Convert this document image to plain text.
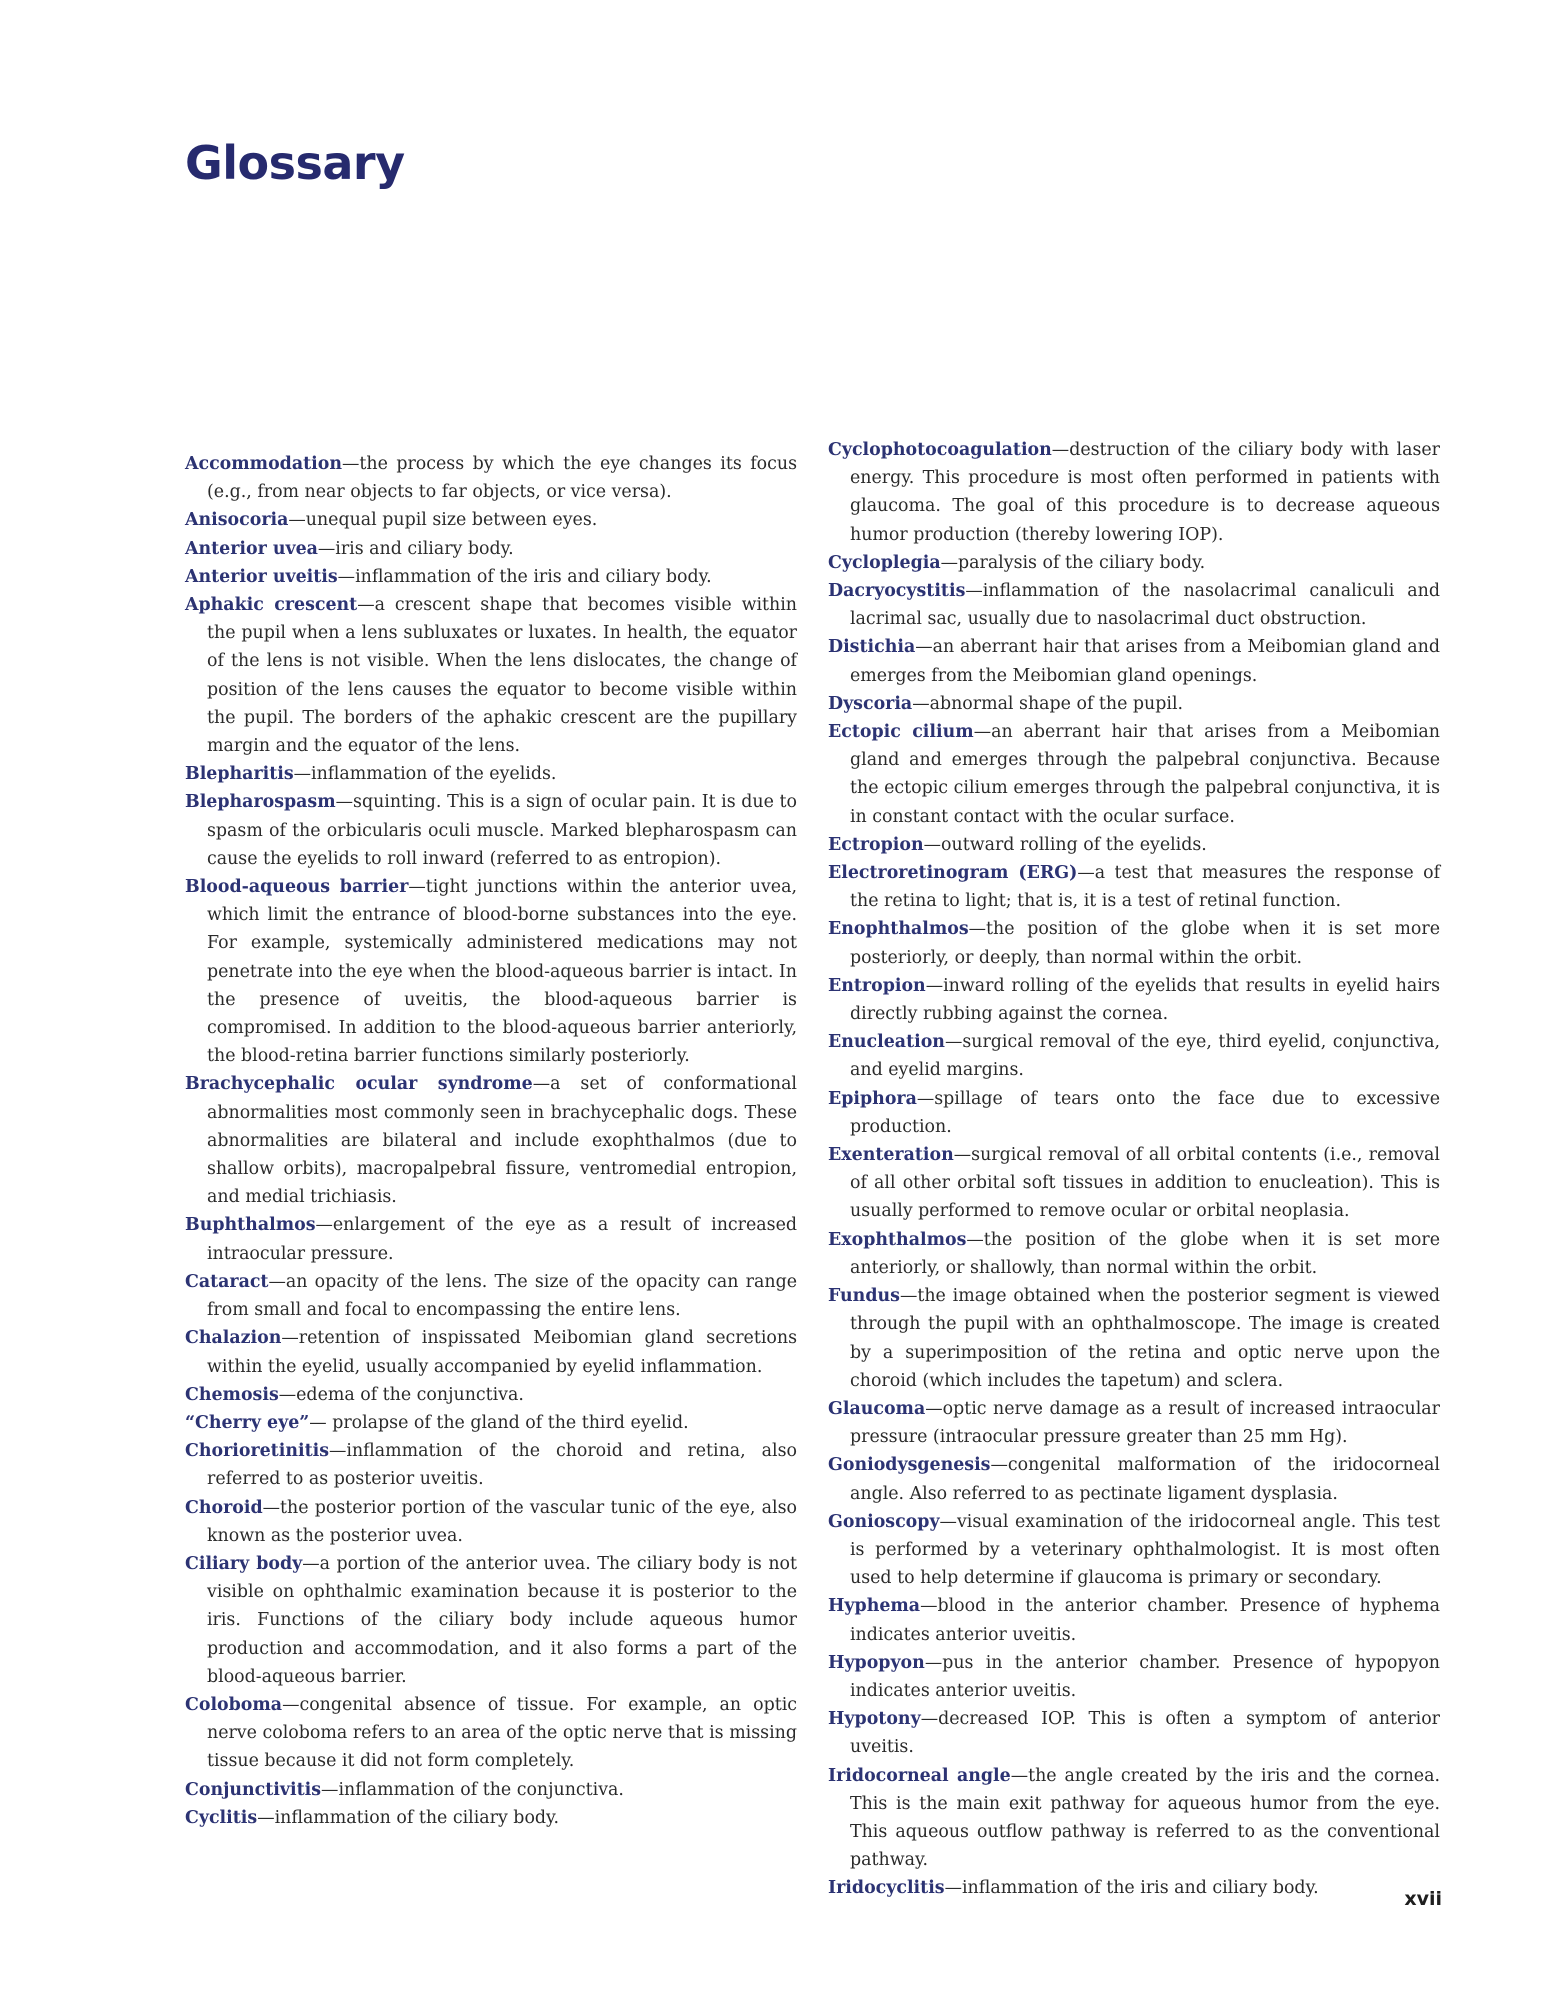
Glossary

Accommodation—the process by which the eye changes its focus (e.g., from near objects to far objects, or vice versa).

Anisocoria—unequal pupil size between eyes.

Anterior uvea—iris and ciliary body.

Anterior uveitis—inflammation of the iris and ciliary body.

Aphakic crescent—a crescent shape that becomes visible within the pupil when a lens subluxates or luxates. In health, the equator of the lens is not visible. When the lens dislocates, the change of position of the lens causes the equator to become visible within the pupil. The borders of the aphakic crescent are the pupillary margin and the equator of the lens.

Blepharitis—inflammation of the eyelids.

Blepharospasm—squinting. This is a sign of ocular pain. It is due to spasm of the orbicularis oculi muscle. Marked blepharospasm can cause the eyelids to roll inward (referred to as entropion).

Blood-aqueous barrier—tight junctions within the anterior uvea, which limit the entrance of blood-borne substances into the eye. For example, systemically administered medications may not penetrate into the eye when the blood-aqueous barrier is intact. In the presence of uveitis, the blood-aqueous barrier is compromised. In addition to the blood-aqueous barrier anteriorly, the blood-retina barrier functions similarly posteriorly.

Brachycephalic ocular syndrome—a set of conformational abnormalities most commonly seen in brachycephalic dogs. These abnormalities are bilateral and include exophthalmos (due to shallow orbits), macropalpebral fissure, ventromedial entropion, and medial trichiasis.

Buphthalmos—enlargement of the eye as a result of increased intraocular pressure.

Cataract—an opacity of the lens. The size of the opacity can range from small and focal to encompassing the entire lens.

Chalazion—retention of inspissated Meibomian gland secretions within the eyelid, usually accompanied by eyelid inflammation.

Chemosis—edema of the conjunctiva.

“Cherry eye”— prolapse of the gland of the third eyelid.

Chorioretinitis—inflammation of the choroid and retina, also referred to as posterior uveitis.

Choroid—the posterior portion of the vascular tunic of the eye, also known as the posterior uvea.

Ciliary body—a portion of the anterior uvea. The ciliary body is not visible on ophthalmic examination because it is posterior to the iris. Functions of the ciliary body include aqueous humor production and accommodation, and it also forms a part of the blood-aqueous barrier.

Coloboma—congenital absence of tissue. For example, an optic nerve coloboma refers to an area of the optic nerve that is missing tissue because it did not form completely.

Conjunctivitis—inflammation of the conjunctiva.

Cyclitis—inflammation of the ciliary body.

Cyclophotocoagulation—destruction of the ciliary body with laser energy. This procedure is most often performed in patients with glaucoma. The goal of this procedure is to decrease aqueous humor production (thereby lowering IOP).

Cycloplegia—paralysis of the ciliary body.

Dacryocystitis—inflammation of the nasolacrimal canaliculi and lacrimal sac, usually due to nasolacrimal duct obstruction.

Distichia—an aberrant hair that arises from a Meibomian gland and emerges from the Meibomian gland openings.

Dyscoria—abnormal shape of the pupil.

Ectopic cilium—an aberrant hair that arises from a Meibomian gland and emerges through the palpebral conjunctiva. Because the ectopic cilium emerges through the palpebral conjunctiva, it is in constant contact with the ocular surface.

Ectropion—outward rolling of the eyelids.

Electroretinogram (ERG)—a test that measures the response of the retina to light; that is, it is a test of retinal function.

Enophthalmos—the position of the globe when it is set more posteriorly, or deeply, than normal within the orbit.

Entropion—inward rolling of the eyelids that results in eyelid hairs directly rubbing against the cornea.

Enucleation—surgical removal of the eye, third eyelid, conjunctiva, and eyelid margins.

Epiphora—spillage of tears onto the face due to excessive production.

Exenteration—surgical removal of all orbital contents (i.e., removal of all other orbital soft tissues in addition to enucleation). This is usually performed to remove ocular or orbital neoplasia.

Exophthalmos—the position of the globe when it is set more anteriorly, or shallowly, than normal within the orbit.

Fundus—the image obtained when the posterior segment is viewed through the pupil with an ophthalmoscope. The image is created by a superimposition of the retina and optic nerve upon the choroid (which includes the tapetum) and sclera.

Glaucoma—optic nerve damage as a result of increased intraocular pressure (intraocular pressure greater than 25 mm Hg).

Goniodysgenesis—congenital malformation of the iridocorneal angle. Also referred to as pectinate ligament dysplasia.

Gonioscopy—visual examination of the iridocorneal angle. This test is performed by a veterinary ophthalmologist. It is most often used to help determine if glaucoma is primary or secondary.

Hyphema—blood in the anterior chamber. Presence of hyphema indicates anterior uveitis.

Hypopyon—pus in the anterior chamber. Presence of hypopyon indicates anterior uveitis.

Hypotony—decreased IOP. This is often a symptom of anterior uveitis.

Iridocorneal angle—the angle created by the iris and the cornea. This is the main exit pathway for aqueous humor from the eye. This aqueous outflow pathway is referred to as the conventional pathway.

Iridocyclitis—inflammation of the iris and ciliary body.	xvii
